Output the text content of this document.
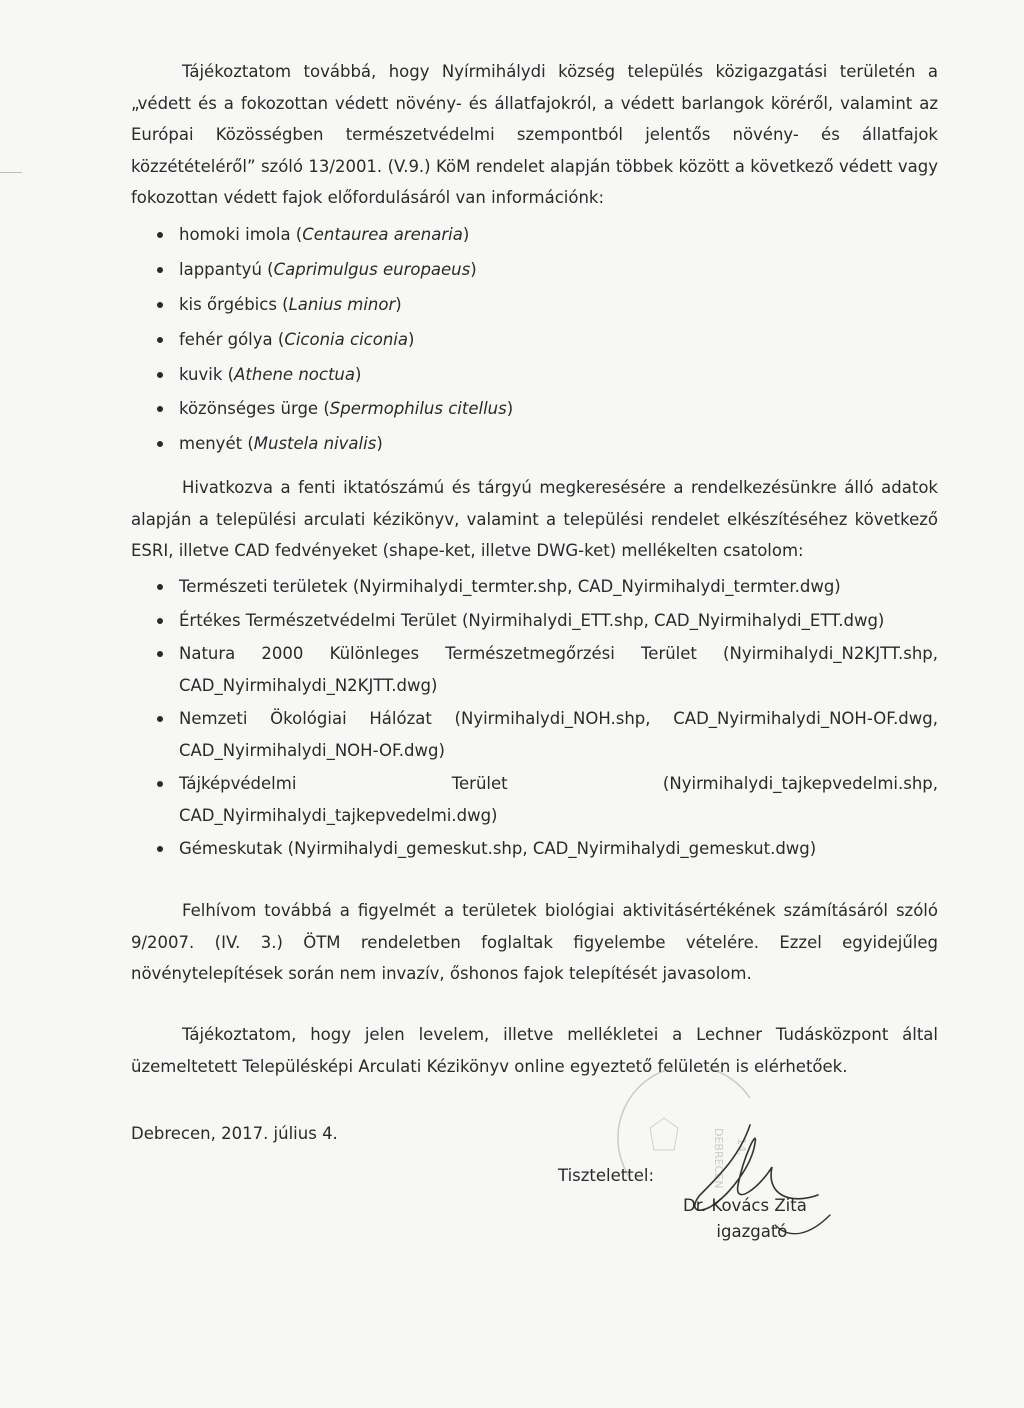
Tájékoztatom továbbá, hogy Nyírmihálydi község település közigazgatási területén a „védett és a fokozottan védett növény- és állatfajokról, a védett barlangok köréről, valamint az Európai Közösségben természetvédelmi szempontból jelentős növény- és állatfajok közzétételéről” szóló 13/2001. (V.9.) KöM rendelet alapján többek között a következő védett vagy fokozottan védett fajok előfordulásáról van információnk:

homoki imola (Centaurea arenaria)
lappantyú (Caprimulgus europaeus)
kis őrgébics (Lanius minor)
fehér gólya (Ciconia ciconia)
kuvik (Athene noctua)
közönséges ürge (Spermophilus citellus)
menyét (Mustela nivalis)

Hivatkozva a fenti iktatószámú és tárgyú megkeresésére a rendelkezésünkre álló adatok alapján a települési arculati kézikönyv, valamint a települési rendelet elkészítéséhez következő ESRI, illetve CAD fedvényeket (shape-ket, illetve DWG-ket) mellékelten csatolom:

Természeti területek (Nyirmihalydi_termter.shp, CAD_Nyirmihalydi_termter.dwg)
Értékes Természetvédelmi Terület (Nyirmihalydi_ETT.shp, CAD_Nyirmihalydi_ETT.dwg)
Natura 2000 Különleges Természetmegőrzési Terület (Nyirmihalydi_N2KJTT.shp, CAD_Nyirmihalydi_N2KJTT.dwg)
Nemzeti Ökológiai Hálózat (Nyirmihalydi_NOH.shp, CAD_Nyirmihalydi_NOH-OF.dwg, CAD_Nyirmihalydi_NOH-OF.dwg)
Tájképvédelmi Terület (Nyirmihalydi_tajkepvedelmi.shp, CAD_Nyirmihalydi_tajkepvedelmi.dwg)
Gémeskutak (Nyirmihalydi_gemeskut.shp, CAD_Nyirmihalydi_gemeskut.dwg)

Felhívom továbbá a figyelmét a területek biológiai aktivitásértékének számításáról szóló 9/2007. (IV. 3.) ÖTM rendeletben foglaltak figyelembe vételére. Ezzel egyidejűleg növénytelepítések során nem invazív, őshonos fajok telepítését javasolom.

Tájékoztatom, hogy jelen levelem, illetve mellékletei a Lechner Tudásközpont által üzemeltetett Településképi Arculati Kézikönyv online egyeztető felületén is elérhetőek.

Debrecen, 2017. július 4.	DEBRECEN 14.
Tisztelettel:
Dr. Kovács Zita
igazgató
